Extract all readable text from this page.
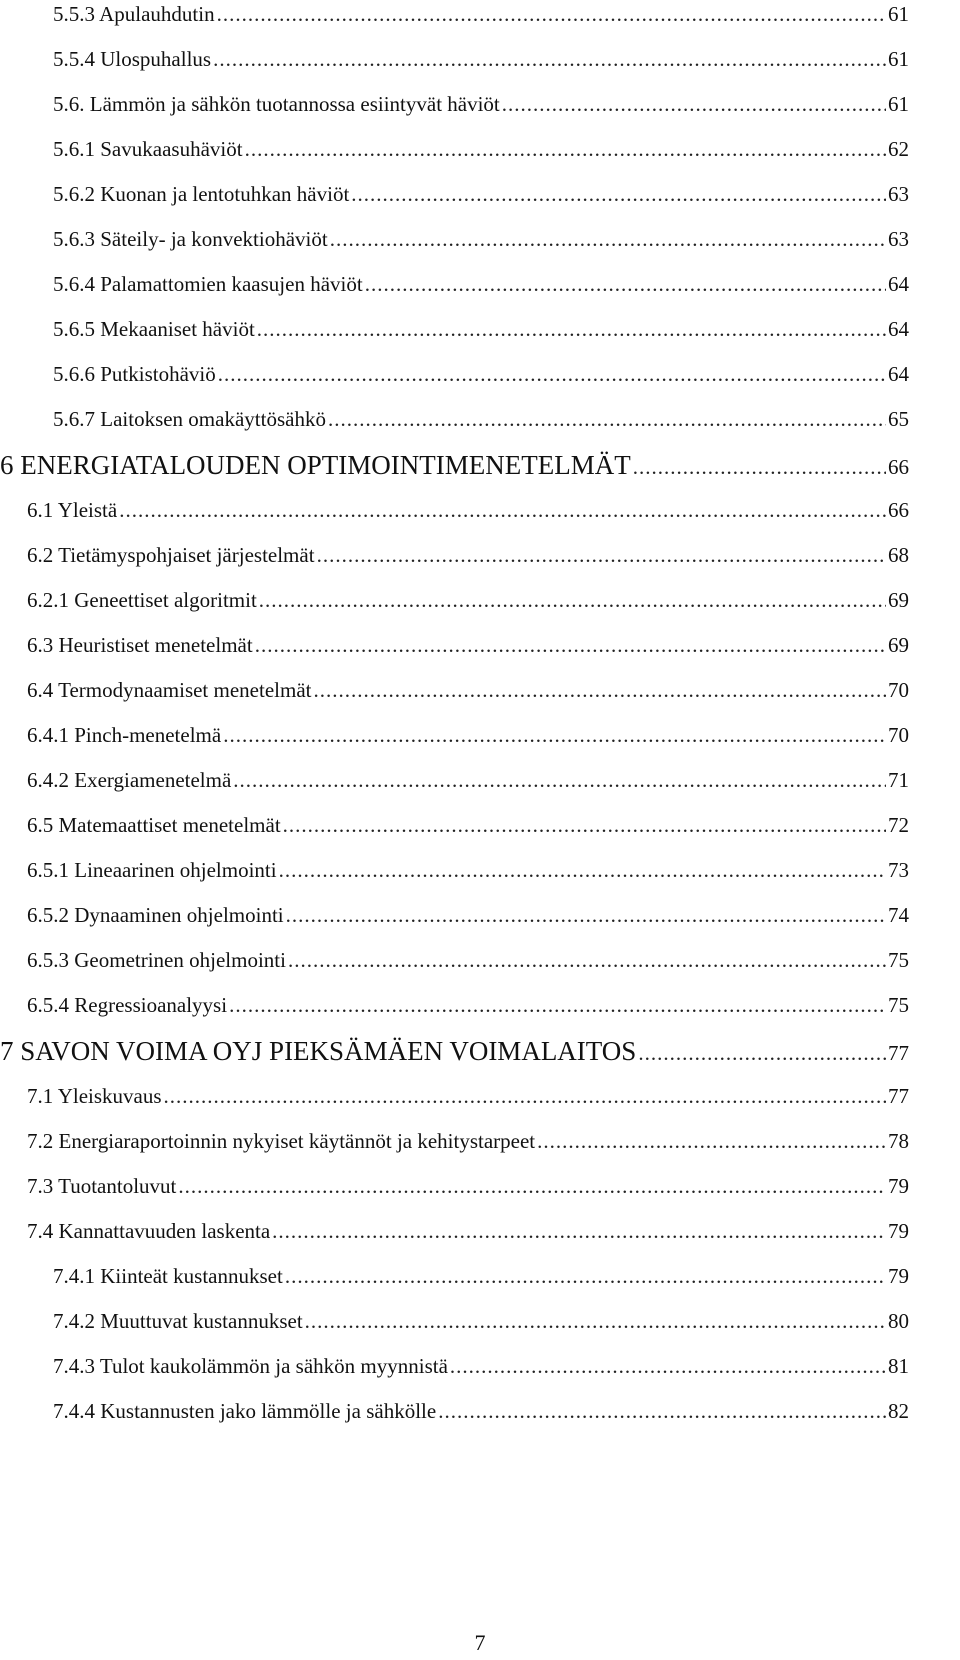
5.5.3 Apulauhdutin .....	61
5.5.4 Ulospuhallus .....	61
5.6. Lämmön ja sähkön tuotannossa esiintyvät häviöt .....	61
5.6.1 Savukaasuhäviöt .....	62
5.6.2 Kuonan ja lentotuhkan häviöt .....	63
5.6.3 Säteily- ja konvektiohäviöt .....	63
5.6.4 Palamattomien kaasujen häviöt .....	64
5.6.5 Mekaaniset häviöt .....	64
5.6.6 Putkistohäviö .....	64
5.6.7 Laitoksen omakäyttösähkö .....	65
6 ENERGIATALOUDEN OPTIMOINTIMENETELMÄT .....	66
6.1 Yleistä .....	66
6.2 Tietämyspohjaiset järjestelmät .....	68
6.2.1 Geneettiset algoritmit .....	69
6.3 Heuristiset menetelmät .....	69
6.4 Termodynaamiset menetelmät .....	70
6.4.1 Pinch-menetelmä .....	70
6.4.2 Exergiamenetelmä .....	71
6.5 Matemaattiset menetelmät .....	72
6.5.1 Lineaarinen ohjelmointi .....	73
6.5.2 Dynaaminen ohjelmointi .....	74
6.5.3 Geometrinen ohjelmointi .....	75
6.5.4 Regressioanalyysi .....	75
7 SAVON VOIMA OYJ PIEKSÄMÄEN VOIMALAITOS .....	77
7.1 Yleiskuvaus .....	77
7.2 Energiaraportoinnin nykyiset käytännöt ja kehitystarpeet .....	78
7.3 Tuotantoluvut .....	79
7.4 Kannattavuuden laskenta .....	79
7.4.1 Kiinteät kustannukset .....	79
7.4.2 Muuttuvat kustannukset .....	80
7.4.3 Tulot kaukolämmön ja sähkön myynnistä .....	81
7.4.4 Kustannusten jako lämmölle ja sähkölle .....	82
7
